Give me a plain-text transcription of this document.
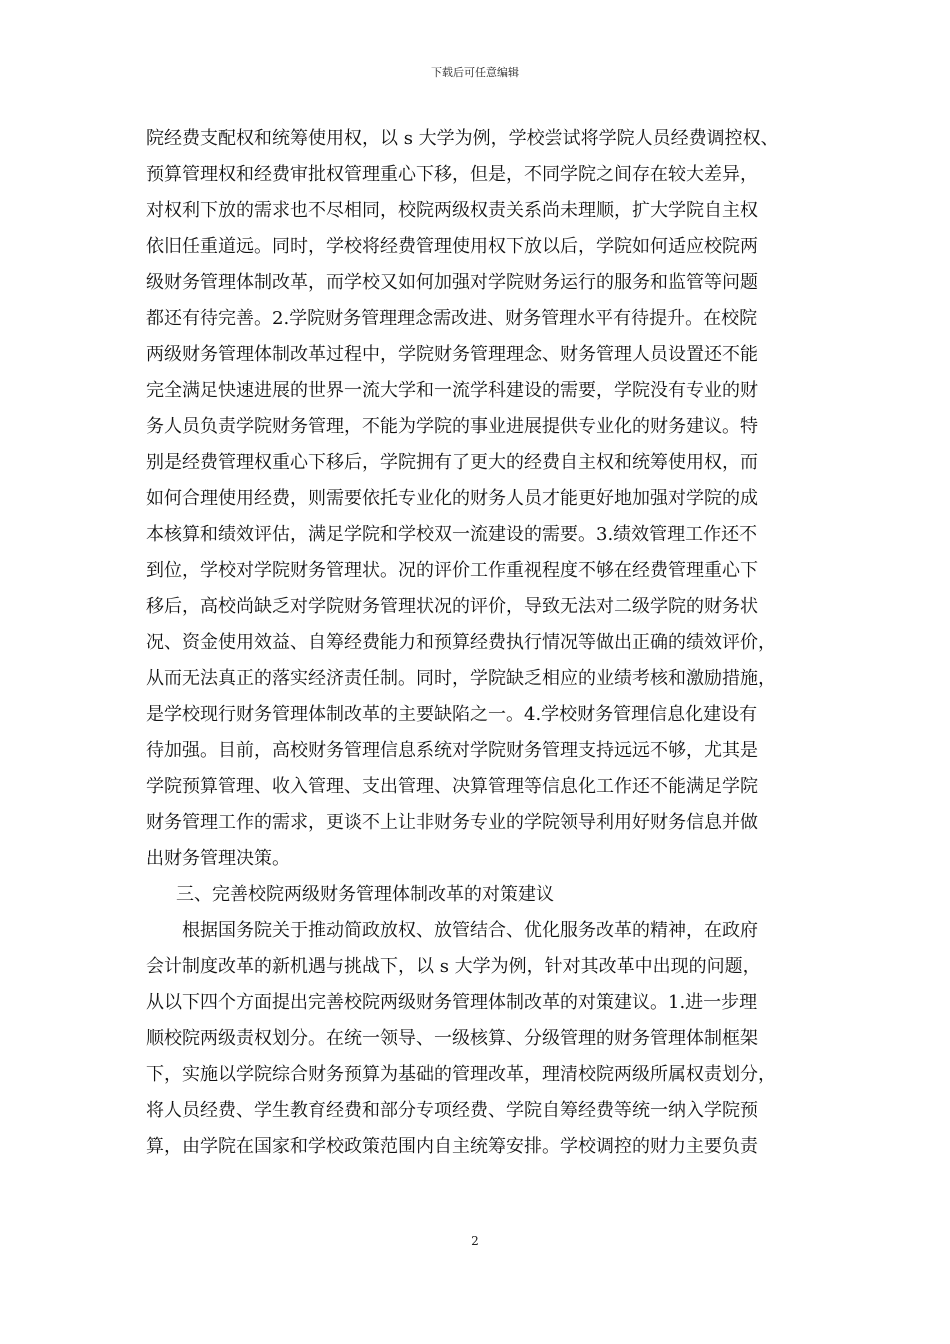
下载后可任意编辑
院经费支配权和统筹使用权，以 s 大学为例，学校尝试将学院人员经费调控权、
预算管理权和经费审批权管理重心下移，但是，不同学院之间存在较大差异，
对权利下放的需求也不尽相同，校院两级权责关系尚未理顺，扩大学院自主权
依旧任重道远。同时，学校将经费管理使用权下放以后，学院如何适应校院两
级财务管理体制改革，而学校又如何加强对学院财务运行的服务和监管等问题
都还有待完善。2.学院财务管理理念需改进、财务管理水平有待提升。在校院
两级财务管理体制改革过程中，学院财务管理理念、财务管理人员设置还不能
完全满足快速进展的世界一流大学和一流学科建设的需要，学院没有专业的财
务人员负责学院财务管理，不能为学院的事业进展提供专业化的财务建议。特
别是经费管理权重心下移后，学院拥有了更大的经费自主权和统筹使用权，而
如何合理使用经费，则需要依托专业化的财务人员才能更好地加强对学院的成
本核算和绩效评估，满足学院和学校双一流建设的需要。3.绩效管理工作还不
到位，学校对学院财务管理状。况的评价工作重视程度不够在经费管理重心下
移后，高校尚缺乏对学院财务管理状况的评价，导致无法对二级学院的财务状
况、资金使用效益、自筹经费能力和预算经费执行情况等做出正确的绩效评价，
从而无法真正的落实经济责任制。同时，学院缺乏相应的业绩考核和激励措施，
是学校现行财务管理体制改革的主要缺陷之一。4.学校财务管理信息化建设有
待加强。目前，高校财务管理信息系统对学院财务管理支持远远不够，尤其是
学院预算管理、收入管理、支出管理、决算管理等信息化工作还不能满足学院
财务管理工作的需求，更谈不上让非财务专业的学院领导利用好财务信息并做
出财务管理决策。
三、完善校院两级财务管理体制改革的对策建议
根据国务院关于推动简政放权、放管结合、优化服务改革的精神，在政府
会计制度改革的新机遇与挑战下，以 s 大学为例，针对其改革中出现的问题，
从以下四个方面提出完善校院两级财务管理体制改革的对策建议。1.进一步理
顺校院两级责权划分。在统一领导、一级核算、分级管理的财务管理体制框架
下，实施以学院综合财务预算为基础的管理改革，理清校院两级所属权责划分，
将人员经费、学生教育经费和部分专项经费、学院自筹经费等统一纳入学院预
算，由学院在国家和学校政策范围内自主统筹安排。学校调控的财力主要负责
2
